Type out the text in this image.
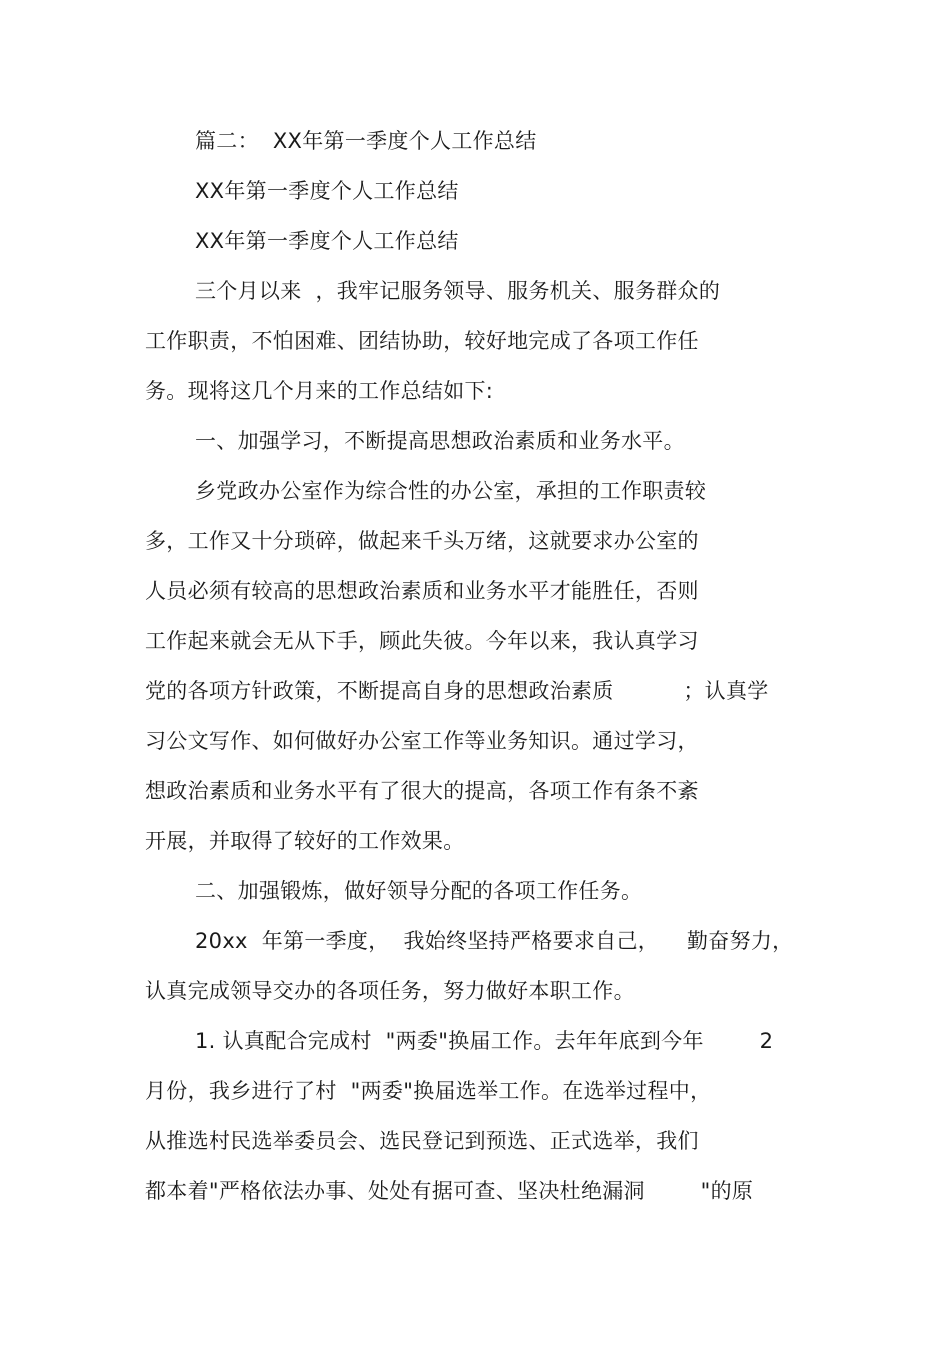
篇二：  XX年第一季度个人工作总结
XX年第一季度个人工作总结
XX年第一季度个人工作总结
三个月以来  ，我牢记服务领导、服务机关、服务群众的
工作职责，不怕困难、团结协助，较好地完成了各项工作任
务。现将这几个月来的工作总结如下:
一、加强学习，不断提高思想政治素质和业务水平。
乡党政办公室作为综合性的办公室，承担的工作职责较
多，工作又十分琐碎，做起来千头万绪，这就要求办公室的
人员必须有较高的思想政治素质和业务水平才能胜任，否则
工作起来就会无从下手，顾此失彼。今年以来，我认真学习
党的各项方针政策，不断提高自身的思想政治素质          ；认真学
习公文写作、如何做好办公室工作等业务知识。通过学习，
想政治素质和业务水平有了很大的提高，各项工作有条不紊
开展，并取得了较好的工作效果。
二、加强锻炼，做好领导分配的各项工作任务。
20xx  年第一季度，  我始终坚持严格要求自己，    勤奋努力，
认真完成领导交办的各项任务，努力做好本职工作。
1. 认真配合完成村  "两委"换届工作。去年年底到今年        2
月份，我乡进行了村  "两委"换届选举工作。在选举过程中，
从推选村民选举委员会、选民登记到预选、正式选举，我们
都本着"严格依法办事、处处有据可查、坚决杜绝漏洞        "的原
